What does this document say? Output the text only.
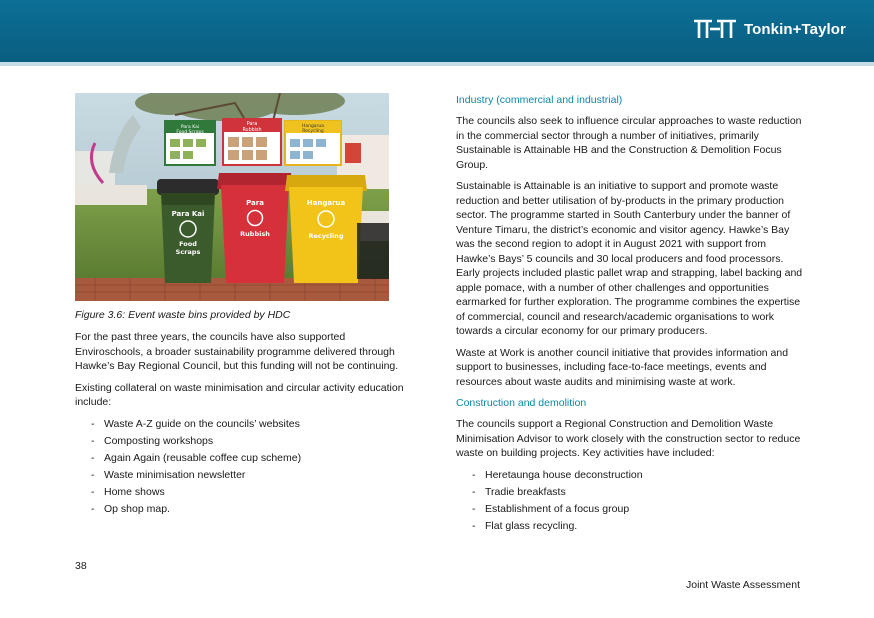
Tonkin+Taylor
Para Kai
Food Scraps
Para
Rubbish
Hangarua
Recycling
Para Kai
Food
Scraps
Para
Rubbish
Hangarua
Recycling
Figure 3.6: Event waste bins provided by HDC

For the past three years, the councils have also supported Enviroschools, a broader sustainability programme delivered through Hawke’s Bay Regional Council, but this funding will not be continuing.

Existing collateral on waste minimisation and circular activity education include:

- Waste A-Z guide on the councils’ websites
- Composting workshops
- Again Again (reusable coffee cup scheme)
- Waste minimisation newsletter
- Home shows
- Op shop map.
Industry (commercial and industrial)

The councils also seek to influence circular approaches to waste reduction in the commercial sector through a number of initiatives, primarily Sustainable is Attainable HB and the Construction & Demolition Focus Group.

Sustainable is Attainable is an initiative to support and promote waste reduction and better utilisation of by-products in the primary production sector. The programme started in South Canterbury under the banner of Venture Timaru, the district’s economic and visitor agency. Hawke’s Bay was the second region to adopt it in August 2021 with support from Hawke’s Bays’ 5 councils and 30 local producers and food processors. Early projects included plastic pallet wrap and strapping, label backing and apple pomace, with a number of other challenges and opportunities earmarked for further exploration. The programme combines the expertise of commercial, council and research/academic organisations to work towards a circular economy for our primary producers.

Waste at Work is another council initiative that provides information and support to businesses, including face-to-face meetings, events and resources about waste audits and minimising waste at work.

Construction and demolition

The councils support a Regional Construction and Demolition Waste Minimisation Advisor to work closely with the construction sector to reduce waste on building projects. Key activities have included:

- Heretaunga house deconstruction
- Tradie breakfasts
- Establishment of a focus group
- Flat glass recycling.
38
Joint Waste Assessment
